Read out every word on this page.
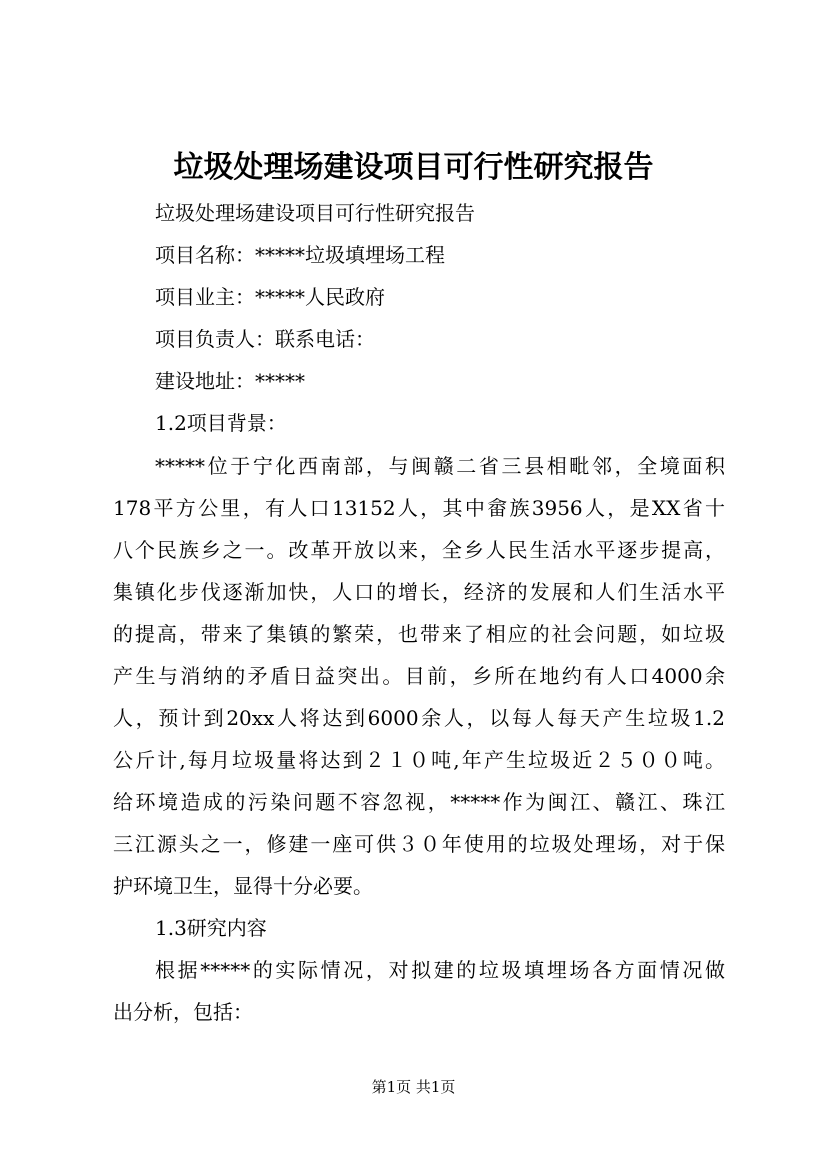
垃圾处理场建设项目可行性研究报告
垃圾处理场建设项目可行性研究报告
项目名称：*****垃圾填埋场工程
项目业主：*****人民政府
项目负责人：联系电话：
建设地址：*****
1.2项目背景：
*****位于宁化西南部，与闽赣二省三县相毗邻，全境面积
178平方公里，有人口13152人，其中畲族3956人，是XX省十
八个民族乡之一。改革开放以来，全乡人民生活水平逐步提高，
集镇化步伐逐渐加快，人口的增长，经济的发展和人们生活水平
的提高，带来了集镇的繁荣，也带来了相应的社会问题，如垃圾
产生与消纳的矛盾日益突出。目前，乡所在地约有人口4000余
人，预计到20xx人将达到6000余人，以每人每天产生垃圾1.2
公斤计,每月垃圾量将达到２１０吨,年产生垃圾近２５００吨。
给环境造成的污染问题不容忽视，*****作为闽江、赣江、珠江
三江源头之一，修建一座可供３０年使用的垃圾处理场，对于保
护环境卫生，显得十分必要。
1.3研究内容
根据*****的实际情况，对拟建的垃圾填埋场各方面情况做
出分析，包括：
第1页 共1页
